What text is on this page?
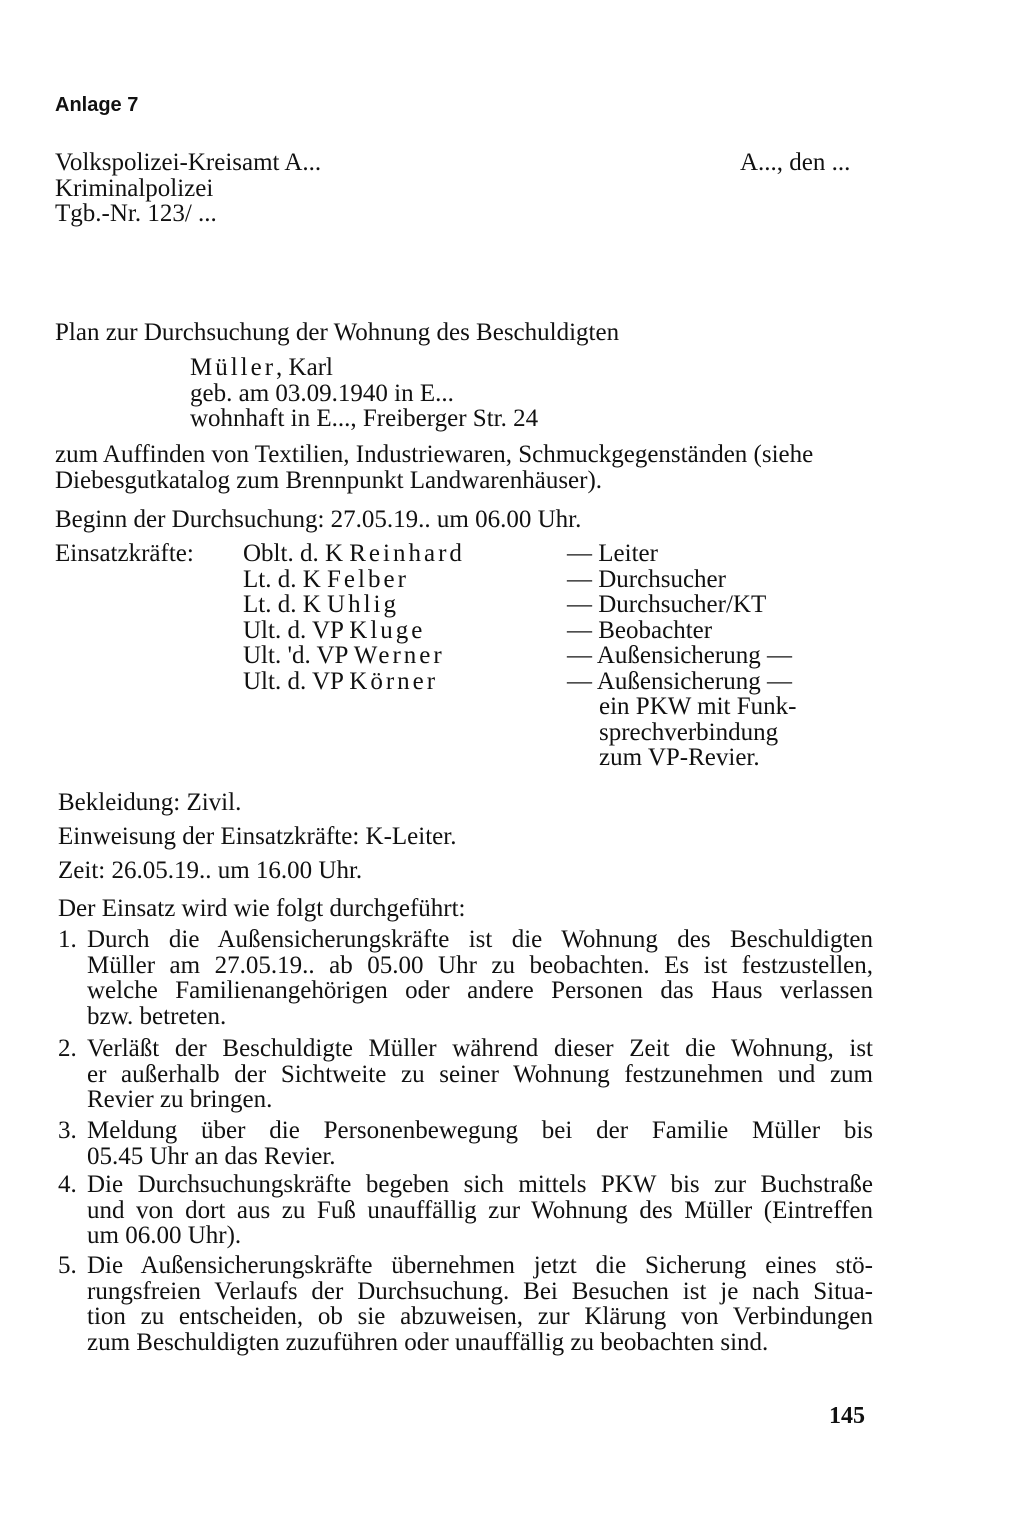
Anlage 7
Volkspolizei-Kreisamt A...
Kriminalpolizei
Tgb.-Nr. 123/ ...
A..., den ...
Plan zur Durchsuchung der Wohnung des Beschuldigten
Müller, Karl
geb. am 03.09.1940 in E...
wohnhaft in E..., Freiberger Str. 24
zum Auffinden von Textilien, Industriewaren, Schmuckgegenständen (siehe
Diebesgutkatalog zum Brennpunkt Landwarenhäuser).
Beginn der Durchsuchung: 27.05.19.. um 06.00 Uhr.
Einsatzkräfte: Oblt. d. K Reinhard
Lt. d. K Felber
Lt. d. K Uhlig
Ult. d. VP Kluge
Ult. 'd. VP Werner
Ult. d. VP Körner
— Leiter
— Durchsucher
— Durchsucher/KT
— Beobachter
— Außensicherung —
— Außensicherung —
ein PKW mit Funk-
sprechverbindung
zum VP-Revier.
Bekleidung: Zivil.
Einweisung der Einsatzkräfte: K-Leiter.
Zeit: 26.05.19.. um 16.00 Uhr.
Der Einsatz wird wie folgt durchgeführt:
1. Durch die Außensicherungskräfte ist die Wohnung des Beschuldigten
Müller am 27.05.19.. ab 05.00 Uhr zu beobachten. Es ist festzustellen,
welche Familienangehörigen oder andere Personen das Haus verlassen
bzw. betreten.
2. Verläßt der Beschuldigte Müller während dieser Zeit die Wohnung, ist
er außerhalb der Sichtweite zu seiner Wohnung festzunehmen und zum
Revier zu bringen.
3. Meldung über die Personenbewegung bei der Familie Müller bis
05.45 Uhr an das Revier.
4. Die Durchsuchungskräfte begeben sich mittels PKW bis zur Buchstraße
und von dort aus zu Fuß unauffällig zur Wohnung des Müller (Eintreffen
um 06.00 Uhr).
5. Die Außensicherungskräfte übernehmen jetzt die Sicherung eines stö-
rungsfreien Verlaufs der Durchsuchung. Bei Besuchen ist je nach Situa-
tion zu entscheiden, ob sie abzuweisen, zur Klärung von Verbindungen
zum Beschuldigten zuzuführen oder unauffällig zu beobachten sind.
145
